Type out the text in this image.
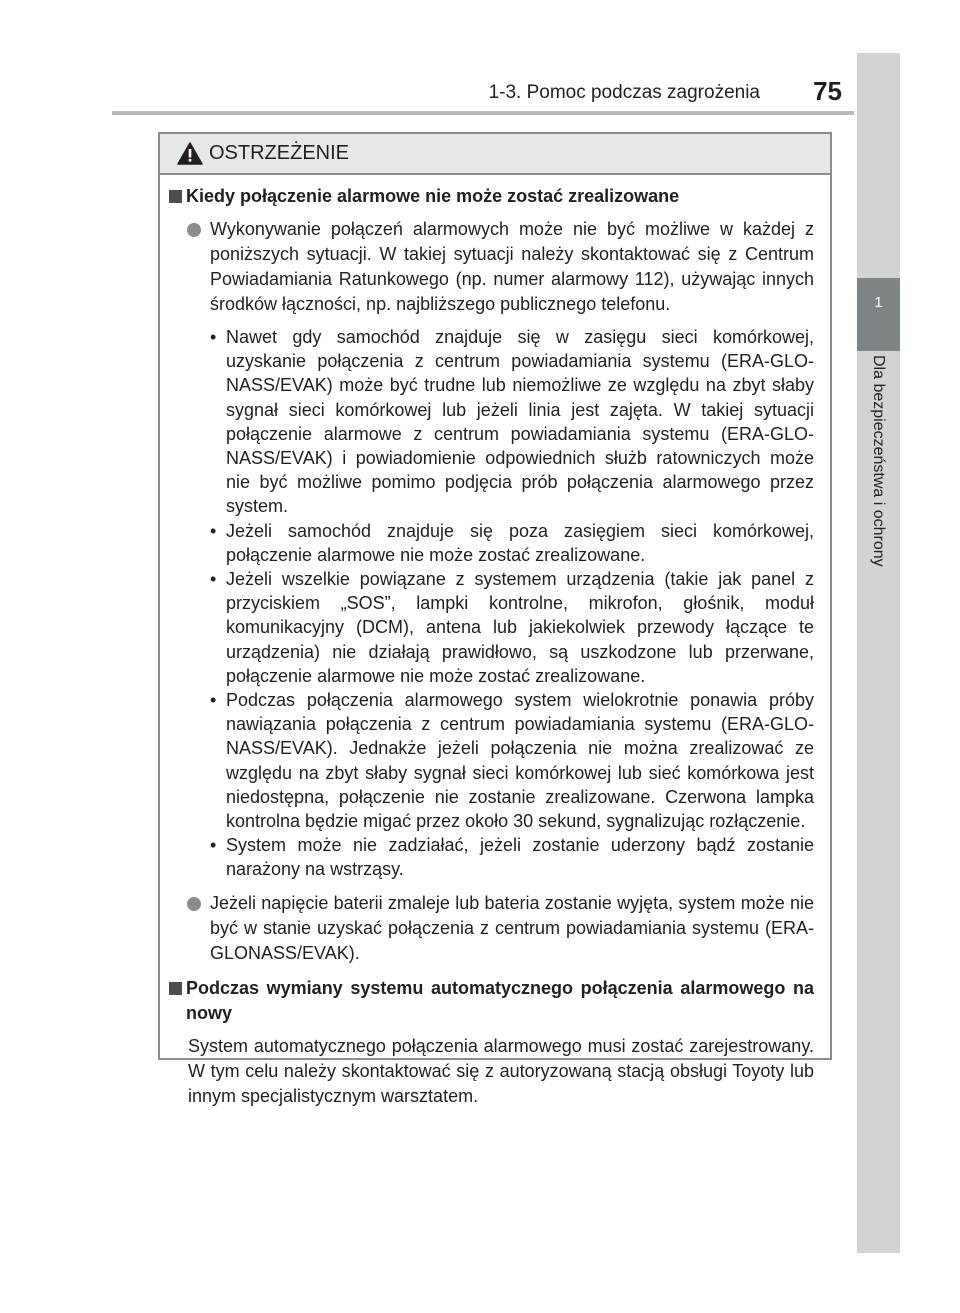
1-3. Pomoc podczas zagrożenia	75
1
Dla bezpieczeństwa i ochrony
OSTRZEŻENIE
Kiedy połączenie alarmowe nie może zostać zrealizowane
Wykonywanie połączeń alarmowych może nie być możliwe w każdej z poniższych sytuacji. W takiej sytuacji należy skontaktować się z Centrum Powiadamiania Ratunkowego (np. numer alarmowy 112), używając innych środków łączności, np. najbliższego publicznego telefonu.
• Nawet gdy samochód znajduje się w zasięgu sieci komórkowej, uzyskanie połączenia z centrum powiadamiania systemu (ERA-GLO-NASS/EVAK) może być trudne lub niemożliwe ze względu na zbyt słaby sygnał sieci komórkowej lub jeżeli linia jest zajęta. W takiej sytuacji połączenie alarmowe z centrum powiadamiania systemu (ERA-GLO-NASS/EVAK) i powiadomienie odpowiednich służb ratowniczych może nie być możliwe pomimo podjęcia prób połączenia alarmowego przez system.
• Jeżeli samochód znajduje się poza zasięgiem sieci komórkowej, połączenie alarmowe nie może zostać zrealizowane.
• Jeżeli wszelkie powiązane z systemem urządzenia (takie jak panel z przyciskiem „SOS”, lampki kontrolne, mikrofon, głośnik, moduł komunikacyjny (DCM), antena lub jakiekolwiek przewody łączące te urządzenia) nie działają prawidłowo, są uszkodzone lub przerwane, połączenie alarmowe nie może zostać zrealizowane.
• Podczas połączenia alarmowego system wielokrotnie ponawia próby nawiązania połączenia z centrum powiadamiania systemu (ERA-GLO-NASS/EVAK). Jednakże jeżeli połączenia nie można zrealizować ze względu na zbyt słaby sygnał sieci komórkowej lub sieć komórkowa jest niedostępna, połączenie nie zostanie zrealizowane. Czerwona lampka kontrolna będzie migać przez około 30 sekund, sygnalizując rozłączenie.
• System może nie zadziałać, jeżeli zostanie uderzony bądź zostanie narażony na wstrząsy.
Jeżeli napięcie baterii zmaleje lub bateria zostanie wyjęta, system może nie być w stanie uzyskać połączenia z centrum powiadamiania systemu (ERA-GLONASS/EVAK).
Podczas wymiany systemu automatycznego połączenia alarmowego na nowy
System automatycznego połączenia alarmowego musi zostać zarejestrowany. W tym celu należy skontaktować się z autoryzowaną stacją obsługi Toyoty lub innym specjalistycznym warsztatem.
